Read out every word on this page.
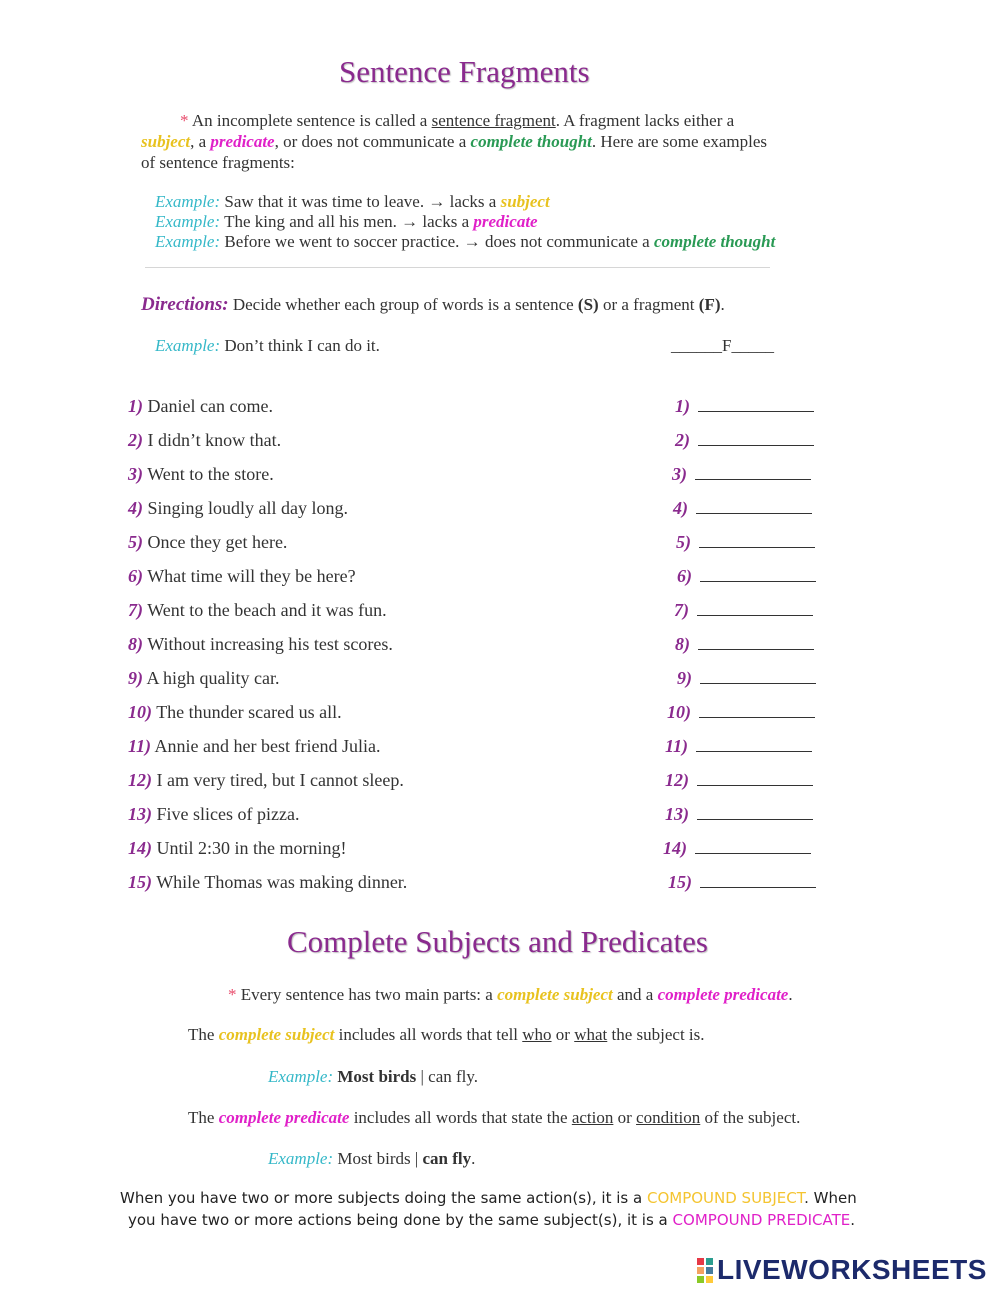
Sentence Fragments
* An incomplete sentence is called a sentence fragment. A fragment lacks either a
subject, a predicate, or does not communicate a complete thought. Here are some examples
of sentence fragments:
Example: Saw that it was time to leave. → lacks a subject
Example: The king and all his men. → lacks a predicate
Example: Before we went to soccer practice. → does not communicate a complete thought
Directions: Decide whether each group of words is a sentence (S) or a fragment (F).
Example: Don’t think I can do it.	______F_____
1) Daniel can come.	1)
2) I didn’t know that.	2)
3) Went to the store.	3)
4) Singing loudly all day long.	4)
5) Once they get here.	5)
6) What time will they be here?	6)
7) Went to the beach and it was fun.	7)
8) Without increasing his test scores.	8)
9) A high quality car.	9)
10) The thunder scared us all.	10)
11) Annie and her best friend Julia.	11)
12) I am very tired, but I cannot sleep.	12)
13) Five slices of pizza.	13)
14) Until 2:30 in the morning!	14)
15) While Thomas was making dinner.	15)
Complete Subjects and Predicates
* Every sentence has two main parts: a complete subject and a complete predicate.
The complete subject includes all words that tell who or what the subject is.
Example: Most birds | can fly.
The complete predicate includes all words that state the action or condition of the subject.
Example: Most birds | can fly.
When you have two or more subjects doing the same action(s), it is a COMPOUND SUBJECT. When
you have two or more actions being done by the same subject(s), it is a COMPOUND PREDICATE.
LIVEWORKSHEETS
